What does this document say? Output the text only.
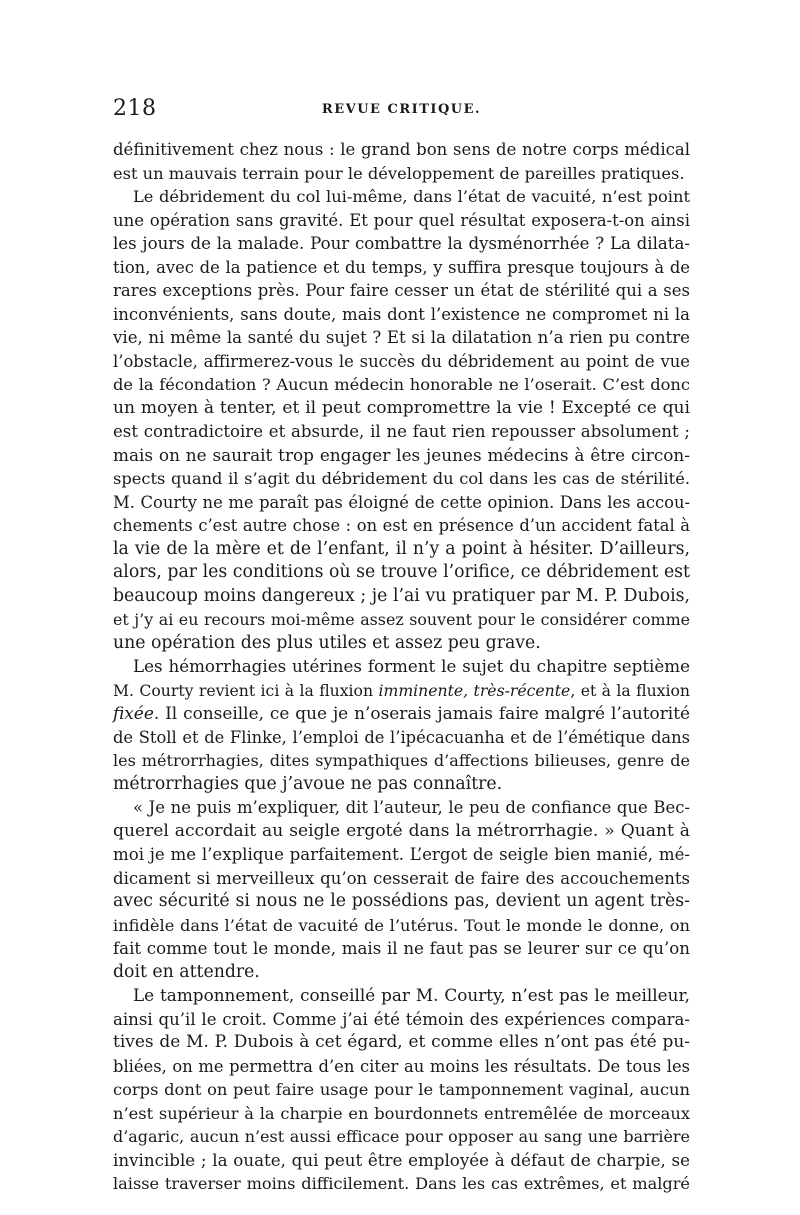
218	REVUE CRITIQUE.
définitivement chez nous : le grand bon sens de notre corps médical
est un mauvais terrain pour le développement de pareilles pratiques.
Le débridement du col lui-même, dans l’état de vacuité, n’est point
une opération sans gravité. Et pour quel résultat exposera-t-on ainsi
les jours de la malade. Pour combattre la dysménorrhée ? La dilata-
tion, avec de la patience et du temps, y suffira presque toujours à de
rares exceptions près. Pour faire cesser un état de stérilité qui a ses
inconvénients, sans doute, mais dont l’existence ne compromet ni la
vie, ni même la santé du sujet ? Et si la dilatation n’a rien pu contre
l’obstacle, affirmerez-vous le succès du débridement au point de vue
de la fécondation ? Aucun médecin honorable ne l’oserait. C’est donc
un moyen à tenter, et il peut compromettre la vie ! Excepté ce qui
est contradictoire et absurde, il ne faut rien repousser absolument ;
mais on ne saurait trop engager les jeunes médecins à être circon-
spects quand il s’agit du débridement du col dans les cas de stérilité.
M. Courty ne me paraît pas éloigné de cette opinion. Dans les accou-
chements c’est autre chose : on est en présence d’un accident fatal à
la vie de la mère et de l’enfant, il n’y a point à hésiter. D’ailleurs,
alors, par les conditions où se trouve l’orifice, ce débridement est
beaucoup moins dangereux ; je l’ai vu pratiquer par M. P. Dubois,
et j’y ai eu recours moi-même assez souvent pour le considérer comme
une opération des plus utiles et assez peu grave.
Les hémorrhagies utérines forment le sujet du chapitre septième
M. Courty revient ici à la fluxion imminente, très-récente, et à la fluxion
fixée. Il conseille, ce que je n’oserais jamais faire malgré l’autorité
de Stoll et de Flinke, l’emploi de l’ipécacuanha et de l’émétique dans
les métrorrhagies, dites sympathiques d’affections bilieuses, genre de
métrorrhagies que j’avoue ne pas connaître.
« Je ne puis m’expliquer, dit l’auteur, le peu de confiance que Bec-
querel accordait au seigle ergoté dans la métrorrhagie. » Quant à
moi je me l’explique parfaitement. L’ergot de seigle bien manié, mé-
dicament si merveilleux qu’on cesserait de faire des accouchements
avec sécurité si nous ne le possédions pas, devient un agent très-
infidèle dans l’état de vacuité de l’utérus. Tout le monde le donne, on
fait comme tout le monde, mais il ne faut pas se leurer sur ce qu’on
doit en attendre.
Le tamponnement, conseillé par M. Courty, n’est pas le meilleur,
ainsi qu’il le croit. Comme j’ai été témoin des expériences compara-
tives de M. P. Dubois à cet égard, et comme elles n’ont pas été pu-
bliées, on me permettra d’en citer au moins les résultats. De tous les
corps dont on peut faire usage pour le tamponnement vaginal, aucun
n’est supérieur à la charpie en bourdonnets entremêlée de morceaux
d’agaric, aucun n’est aussi efficace pour opposer au sang une barrière
invincible ; la ouate, qui peut être employée à défaut de charpie, se
laisse traverser moins difficilement. Dans les cas extrêmes, et malgré
